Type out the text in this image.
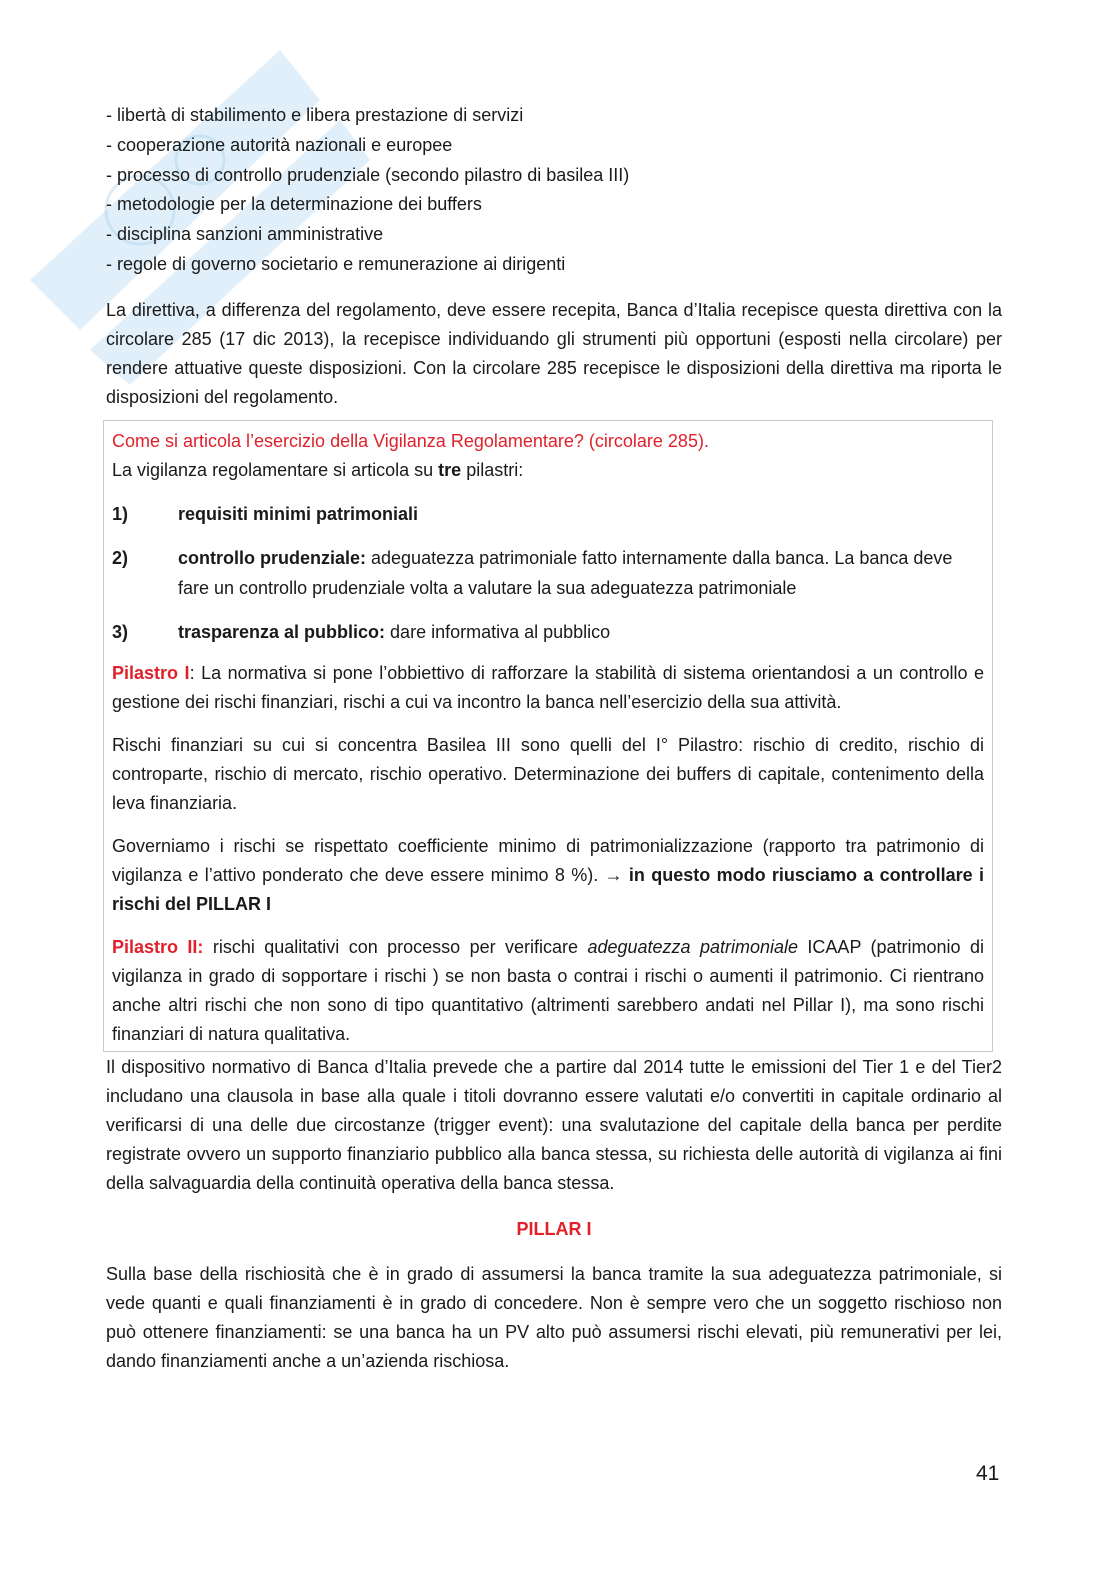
- libertà di stabilimento e libera prestazione di servizi
- cooperazione autorità nazionali e europee
- processo di controllo prudenziale (secondo pilastro di basilea III)
- metodologie per la determinazione dei buffers
- disciplina sanzioni amministrative
- regole di governo societario e remunerazione ai dirigenti

La direttiva, a differenza del regolamento, deve essere recepita, Banca d’Italia recepisce questa direttiva con la circolare 285 (17 dic 2013), la recepisce individuando gli strumenti più opportuni (esposti nella circolare) per rendere attuative queste disposizioni. Con la circolare 285 recepisce le disposizioni della direttiva ma riporta le disposizioni del regolamento.

Come si articola l’esercizio della Vigilanza Regolamentare? (circolare 285).
La vigilanza regolamentare si articola su tre pilastri:
1)	requisiti minimi patrimoniali
2)	controllo prudenziale: adeguatezza patrimoniale fatto internamente dalla banca. La banca deve fare un controllo prudenziale volta a valutare la sua adeguatezza patrimoniale
3)	trasparenza al pubblico: dare informativa al pubblico

Pilastro I: La normativa si pone l’obbiettivo di rafforzare la stabilità di sistema orientandosi a un controllo e gestione dei rischi finanziari, rischi a cui va incontro la banca nell’esercizio della sua attività.

Rischi finanziari su cui si concentra Basilea III sono quelli del I° Pilastro: rischio di credito, rischio di controparte, rischio di mercato, rischio operativo. Determinazione dei buffers di capitale, contenimento della leva finanziaria.

Governiamo i rischi se rispettato coefficiente minimo di patrimonializzazione (rapporto tra patrimonio di vigilanza e l’attivo ponderato che deve essere minimo 8 %). → in questo modo riusciamo a controllare i rischi del PILLAR I

Pilastro II: rischi qualitativi con processo per verificare adeguatezza patrimoniale ICAAP (patrimonio di vigilanza in grado di sopportare i rischi ) se non basta o contrai i rischi o aumenti il patrimonio. Ci rientrano anche altri rischi che non sono di tipo quantitativo (altrimenti sarebbero andati nel Pillar I), ma sono rischi finanziari di natura qualitativa.

Il dispositivo normativo di Banca d’Italia prevede che a partire dal 2014 tutte le emissioni del Tier 1 e del Tier2 includano una clausola in base alla quale i titoli dovranno essere valutati e/o convertiti in capitale ordinario al verificarsi di una delle due circostanze (trigger event): una svalutazione del capitale della banca per perdite registrate ovvero un supporto finanziario pubblico alla banca stessa, su richiesta delle autorità di vigilanza ai fini della salvaguardia della continuità operativa della banca stessa.

PILLAR I

Sulla base della rischiosità che è in grado di assumersi la banca tramite la sua adeguatezza patrimoniale, si vede quanti e quali finanziamenti è in grado di concedere. Non è sempre vero che un soggetto rischioso non può ottenere finanziamenti: se una banca ha un PV alto può assumersi rischi elevati, più remunerativi per lei, dando finanziamenti anche a un’azienda rischiosa.

41
